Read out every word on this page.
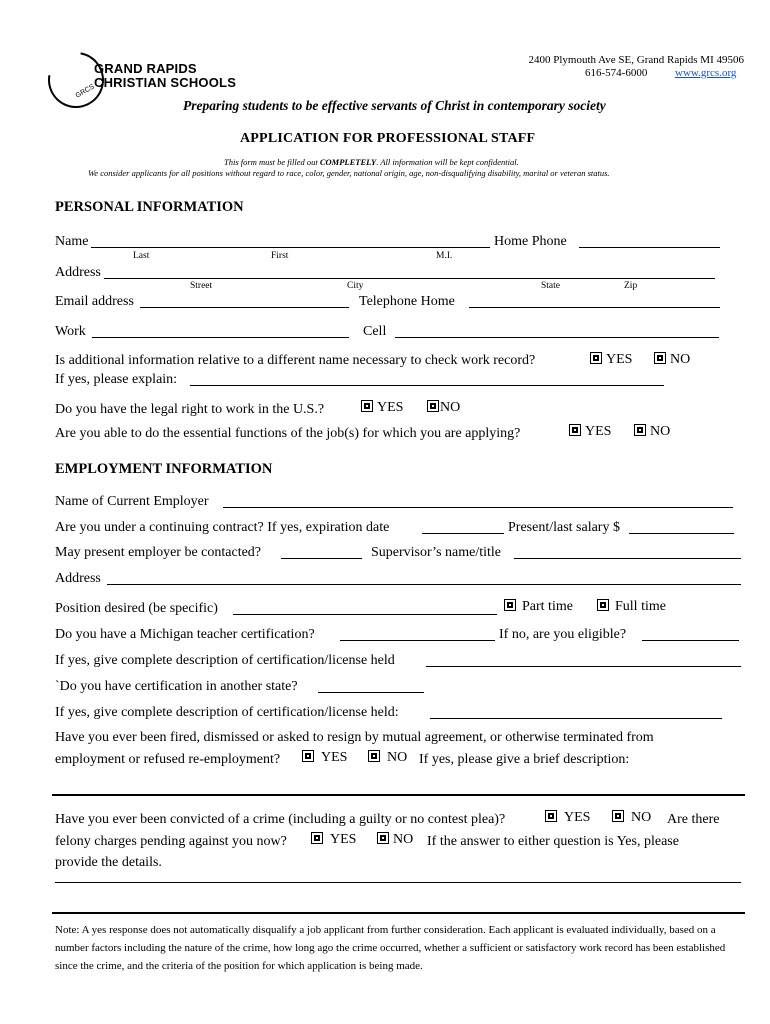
GRAND RAPIDS
CHRISTIAN SCHOOLS
GRCS
2400 Plymouth Ave SE, Grand Rapids MI 49506
616-574-6000	www.grcs.org
Preparing students to be effective servants of Christ in contemporary society
APPLICATION FOR PROFESSIONAL STAFF
This form must be filled out COMPLETELY. All information will be kept confidential.
We consider applicants for all positions without regard to race, color, gender, national origin, age, non-disqualifying disability, marital or veteran status.
PERSONAL INFORMATION
Name	Home Phone
Last	First	M.I.
Address
Street	City	State	Zip
Email address	Telephone Home
Work	Cell
Is additional information relative to a different name necessary to check work record?	YES	NO
If yes, please explain:
Do you have the legal right to work in the U.S.?	YES	NO
Are you able to do the essential functions of the job(s) for which you are applying?	YES	NO
EMPLOYMENT INFORMATION
Name of Current Employer
Are you under a continuing contract? If yes, expiration date	Present/last salary $
May present employer be contacted?	Supervisor’s name/title
Address
Position desired (be specific)	Part time	Full time
Do you have a Michigan teacher certification?	If no, are you eligible?
If yes, give complete description of certification/license held
`Do you have certification in another state?
If yes, give complete description of certification/license held:
Have you ever been fired, dismissed or asked to resign by mutual agreement, or otherwise terminated from
employment or refused re-employment?	YES	NO If yes, please give a brief description:
Have you ever been convicted of a crime (including a guilty or no contest plea)?	YES	NO Are there
felony charges pending against you now?	YES	NO If the answer to either question is Yes, please
provide the details.
Note: A yes response does not automatically disqualify a job applicant from further consideration. Each applicant is evaluated individually, based on a number factors including the nature of the crime, how long ago the crime occurred, whether a sufficient or satisfactory work record has been established since the crime, and the criteria of the position for which application is being made.
